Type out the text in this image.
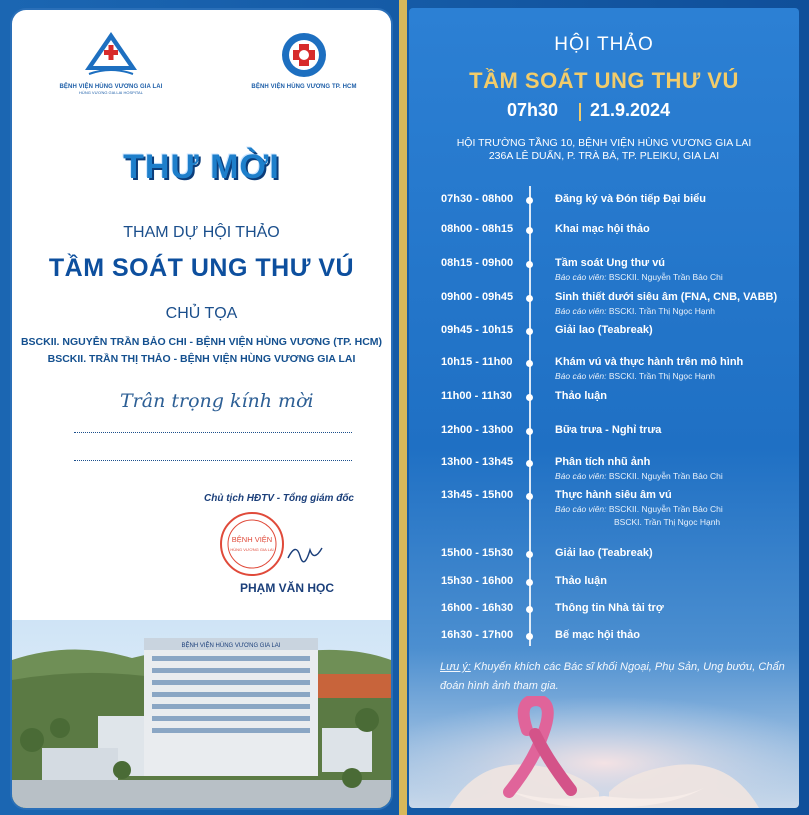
BỆNH VIỆN HÙNG VƯƠNG GIA LAI
HÙNG VƯƠNG GIA LAI HOSPITAL
BỆNH VIỆN HÙNG VƯƠNG TP. HCM
THƯ MỜI
THAM DỰ HỘI THẢO
TẦM SOÁT UNG THƯ VÚ
CHỦ TỌA
BSCKII. NGUYỄN TRẦN BẢO CHI - BỆNH VIỆN HÙNG VƯƠNG (TP. HCM)
BSCKII. TRẦN THỊ THẢO - BỆNH VIỆN HÙNG VƯƠNG GIA LAI
Trân trọng kính mời
Chủ tịch HĐTV - Tổng giám đốc
BỆNH VIỆN
HÙNG VƯƠNG GIA LAI
PHẠM VĂN HỌC
BỆNH VIỆN HÙNG VƯƠNG GIA LAI
HỘI THẢO
TẦM SOÁT UNG THƯ VÚ
07h30 21.9.2024
HỘI TRƯỜNG TẦNG 10, BỆNH VIỆN HÙNG VƯƠNG GIA LAI
236A LÊ DUẨN, P. TRÀ BÁ, TP. PLEIKU, GIA LAI
07h30 - 08h00	Đăng ký và Đón tiếp Đại biểu
08h00 - 08h15	Khai mạc hội thảo
08h15 - 09h00	Tầm soát Ung thư vú
Báo cáo viên: BSCKII. Nguyễn Trần Bảo Chi
09h00 - 09h45	Sinh thiết dưới siêu âm (FNA, CNB, VABB)
Báo cáo viên: BSCKI. Trần Thị Ngọc Hạnh
09h45 - 10h15	Giải lao (Teabreak)
10h15 - 11h00	Khám vú và thực hành trên mô hình
Báo cáo viên: BSCKI. Trần Thị Ngọc Hạnh
11h00 - 11h30	Thảo luận
12h00 - 13h00	Bữa trưa - Nghỉ trưa
13h00 - 13h45	Phân tích nhũ ảnh
Báo cáo viên: BSCKII. Nguyễn Trần Bảo Chi
13h45 - 15h00	Thực hành siêu âm vú
Báo cáo viên: BSCKII. Nguyễn Trần Bảo Chi
BSCKI. Trần Thị Ngọc Hạnh
15h00 - 15h30	Giải lao (Teabreak)
15h30 - 16h00	Thảo luận
16h00 - 16h30	Thông tin Nhà tài trợ
16h30 - 17h00	Bế mạc hội thảo
Lưu ý: Khuyến khích các Bác sĩ khối Ngoại, Phụ Sản, Ung bướu, Chẩn đoán hình ảnh tham gia.
